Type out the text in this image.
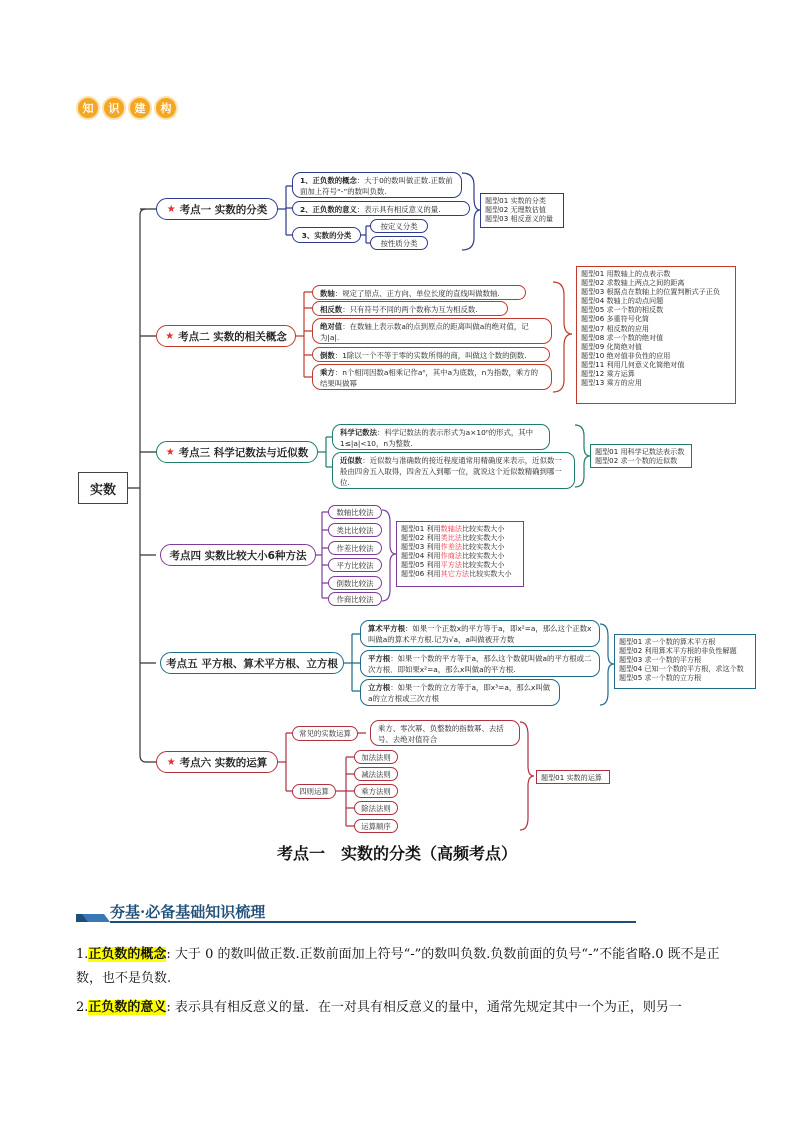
知	识	建	构
实数
★ 考点一 实数的分类
1、正负数的概念：大于0的数叫做正数.正数前面加上符号“-”的数叫负数.
2、正负数的意义：表示具有相反意义的量.
3、实数的分类
按定义分类
按性质分类
题型01 实数的分类
题型02 无理数估值
题型03 相反意义的量
★ 考点二 实数的相关概念
数轴：规定了原点、正方向、单位长度的直线叫做数轴.
相反数：只有符号不同的两个数称为互为相反数.
绝对值：在数轴上表示数a的点到原点的距离叫做a的绝对值，记为|a|.
倒数：1除以一个不等于零的实数所得的商，叫做这个数的倒数.
乘方：n个相同因数a相乘记作aⁿ，其中a为底数，n为指数，乘方的结果叫做幂
题型01 用数轴上的点表示数
题型02 求数轴上两点之间的距离
题型03 根据点在数轴上的位置判断式子正负
题型04 数轴上的动点问题
题型05 求一个数的相反数
题型06 多重符号化简
题型07 相反数的应用
题型08 求一个数的绝对值
题型09 化简绝对值
题型10 绝对值非负性的应用
题型11 利用几何意义化简绝对值
题型12 乘方运算
题型13 乘方的应用
★ 考点三 科学记数法与近似数
科学记数法：科学记数法的表示形式为a×10ⁿ的形式，其中1≤|a|<10，n为整数.
近似数：近似数与准确数的接近程度通常用精确度来表示，近似数一般由四舍五入取得，四舍五入到哪一位，就说这个近似数精确到哪一位.
题型01 用科学记数法表示数
题型02 求一个数的近似数
考点四 实数比较大小6种方法
数轴比较法
类比比较法
作差比较法
平方比较法
倒数比较法
作商比较法
题型01 利用数轴法比较实数大小
题型02 利用类比法比较实数大小
题型03 利用作差法比较实数大小
题型04 利用作商法比较实数大小
题型05 利用平方法比较实数大小
题型06 利用其它方法比较实数大小
考点五 平方根、算术平方根、立方根
算术平方根：如果一个正数x的平方等于a，即x²=a，那么这个正数x叫做a的算术平方根.记为√a，a叫做被开方数
平方根：如果一个数的平方等于a，那么这个数就叫做a的平方根或二次方根．即如果x²=a，那么x叫做a的平方根.
立方根：如果一个数的立方等于a，即x³=a，那么x叫做a的立方根或三次方根
题型01 求一个数的算术平方根
题型02 利用算术平方根的非负性解题
题型03 求一个数的平方根
题型04 已知一个数的平方根，求这个数
题型05 求一个数的立方根
★ 考点六 实数的运算
常见的实数运算
乘方、零次幂、负整数的指数幂、去括号、去绝对值符合
四则运算
加法法则
减法法则
乘方法则
除法法则
运算顺序
题型01 实数的运算
考点一　实数的分类（高频考点）
夯基·必备基础知识梳理
1.正负数的概念: 大于 0 的数叫做正数.正数前面加上符号“-”的数叫负数.负数前面的负号“-”不能省略.0 既不是正数，也不是负数.
2.正负数的意义: 表示具有相反意义的量．在一对具有相反意义的量中，通常先规定其中一个为正，则另一
